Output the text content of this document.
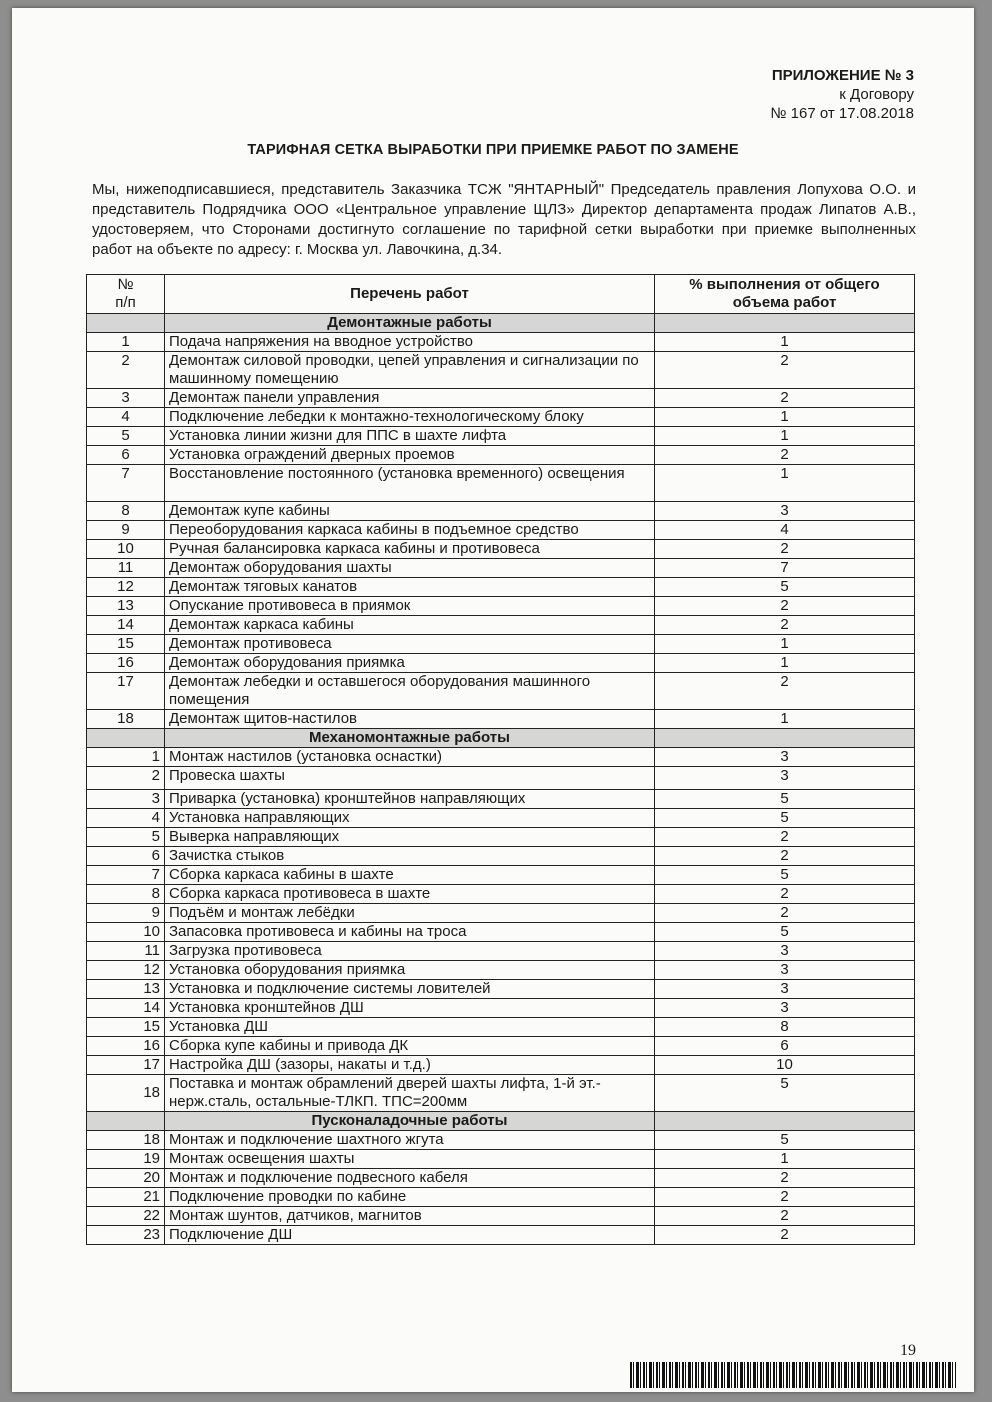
ПРИЛОЖЕНИЕ № 3
к Договору
№ 167 от 17.08.2018
ТАРИФНАЯ СЕТКА ВЫРАБОТКИ ПРИ ПРИЕМКЕ РАБОТ ПО ЗАМЕНЕ
Мы, нижеподписавшиеся, представитель Заказчика ТСЖ "ЯНТАРНЫЙ" Председатель правления Лопухова О.О. и представитель Подрядчика ООО «Центральное управление ЩЛЗ» Директор департамента продаж Липатов А.В., удостоверяем, что Сторонами достигнуто соглашение по тарифной сетки выработки при приемке выполненных работ на объекте по адресу: г. Москва ул. Лавочкина, д.34.
№
п/п	Перечень работ	% выполнения от общего объема работ
	Демонтажные работы	
1	Подача напряжения на вводное устройство	1
2	Демонтаж силовой проводки, цепей управления и сигнализации по машинному помещению	2
3	Демонтаж панели управления	2
4	Подключение лебедки к монтажно-технологическому блоку	1
5	Установка линии жизни для ППС в шахте лифта	1
6	Установка ограждений дверных проемов	2
7	Восстановление постоянного (установка временного) освещения	1
8	Демонтаж купе кабины	3
9	Переоборудования каркаса кабины в подъемное средство	4
10	Ручная балансировка каркаса кабины и противовеса	2
11	Демонтаж оборудования шахты	7
12	Демонтаж тяговых канатов	5
13	Опускание противовеса в приямок	2
14	Демонтаж каркаса кабины	2
15	Демонтаж противовеса	1
16	Демонтаж оборудования приямка	1
17	Демонтаж лебедки и оставшегося оборудования машинного помещения	2
18	Демонтаж щитов-настилов	1
	Механомонтажные работы	
1	Монтаж настилов (установка оснастки)	3
2	Провеска шахты	3
3	Приварка (установка) кронштейнов направляющих	5
4	Установка направляющих	5
5	Выверка направляющих	2
6	Зачистка стыков	2
7	Сборка каркаса кабины в шахте	5
8	Сборка каркаса противовеса в шахте	2
9	Подъём и монтаж лебёдки	2
10	Запасовка противовеса и кабины на троса	5
11	Загрузка противовеса	3
12	Установка оборудования приямка	3
13	Установка и подключение системы ловителей	3
14	Установка кронштейнов ДШ	3
15	Установка ДШ	8
16	Сборка купе кабины и привода ДК	6
17	Настройка ДШ (зазоры, накаты и т.д.)	10
18	Поставка и монтаж обрамлений дверей шахты лифта, 1-й эт.-нерж.сталь, остальные-ТЛКП. ТПС=200мм	5
	Пусконаладочные работы	
18	Монтаж и подключение шахтного жгута	5
19	Монтаж освещения шахты	1
20	Монтаж и подключение подвесного кабеля	2
21	Подключение проводки по кабине	2
22	Монтаж шунтов, датчиков, магнитов	2
23	Подключение ДШ	2
19
